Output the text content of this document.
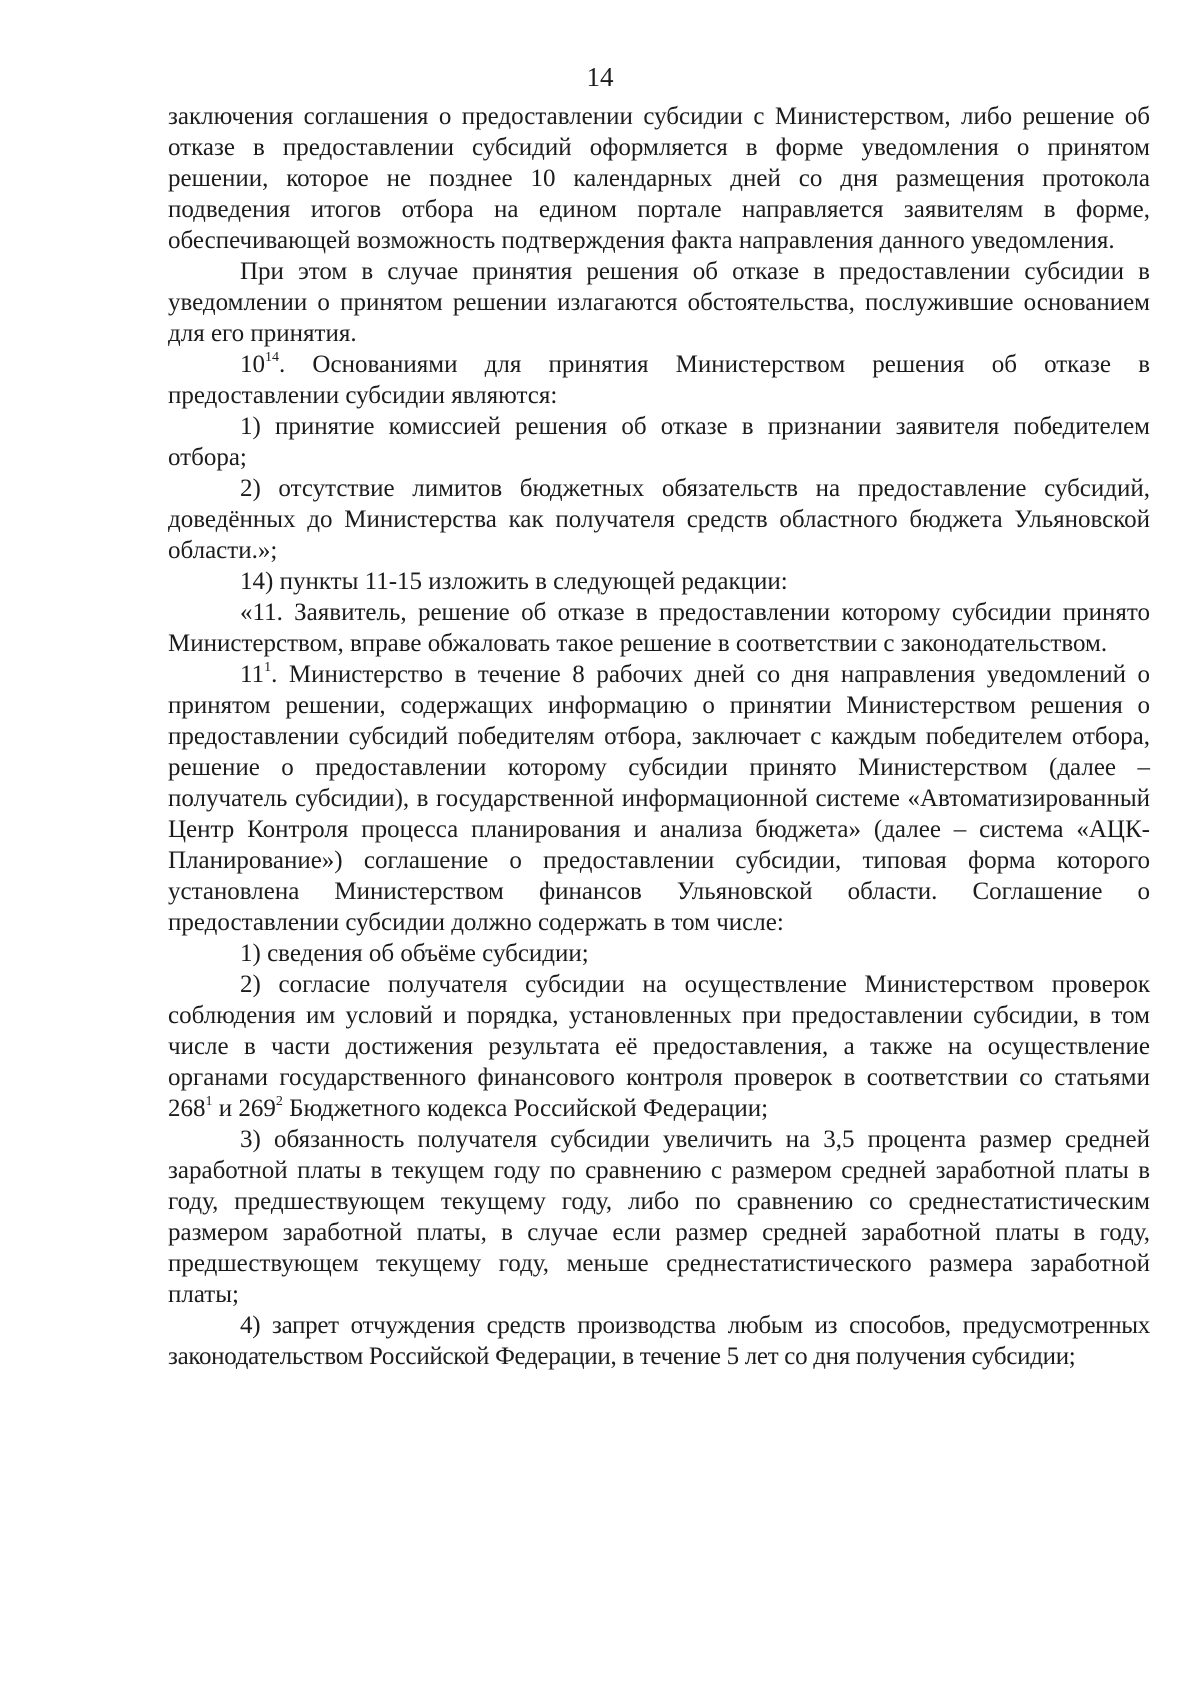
14

заключения соглашения о предоставлении субсидии с Министерством, либо решение об отказе в предоставлении субсидий оформляется в форме уведомления о принятом решении, которое не позднее 10 календарных дней со дня размещения протокола подведения итогов отбора на едином портале направляется заявителям в форме, обеспечивающей возможность подтверждения факта направления данного уведомления.

При этом в случае принятия решения об отказе в предоставлении субсидии в уведомлении о принятом решении излагаются обстоятельства, послужившие основанием для его принятия.

$10^{14}$. Основаниями для принятия Министерством решения об отказе в предоставлении субсидии являются:

1) принятие комиссией решения об отказе в признании заявителя победителем отбора;

2) отсутствие лимитов бюджетных обязательств на предоставление субсидий, доведённых до Министерства как получателя средств областного бюджета Ульяновской области.»;

14) пункты 11-15 изложить в следующей редакции:

«11. Заявитель, решение об отказе в предоставлении которому субсидии принято Министерством, вправе обжаловать такое решение в соответствии с законодательством.

$11^1$. Министерство в течение 8 рабочих дней со дня направления уведомлений о принятом решении, содержащих информацию о принятии Министерством решения о предоставлении субсидий победителям отбора, заключает с каждым победителем отбора, решение о предоставлении которому субсидии принято Министерством (далее – получатель субсидии), в государственной информационной системе «Автоматизированный Центр Контроля процесса планирования и анализа бюджета» (далее – система «АЦК-Планирование») соглашение о предоставлении субсидии, типовая форма которого установлена Министерством финансов Ульяновской области. Соглашение о предоставлении субсидии должно содержать в том числе:

1) сведения об объёме субсидии;

2) согласие получателя субсидии на осуществление Министерством проверок соблюдения им условий и порядка, установленных при предоставлении субсидии, в том числе в части достижения результата её предоставления, а также на осуществление органами государственного финансового контроля проверок в соответствии со статьями $268^1$ и $269^2$ Бюджетного кодекса Российской Федерации;

3) обязанность получателя субсидии увеличить на 3,5 процента размер средней заработной платы в текущем году по сравнению с размером средней заработной платы в году, предшествующем текущему году, либо по сравнению со среднестатистическим размером заработной платы, в случае если размер средней заработной платы в году, предшествующем текущему году, меньше среднестатистического размера заработной платы;

4) запрет отчуждения средств производства любым из способов, предусмотренных законодательством Российской Федерации, в течение 5 лет со дня получения субсидии;
